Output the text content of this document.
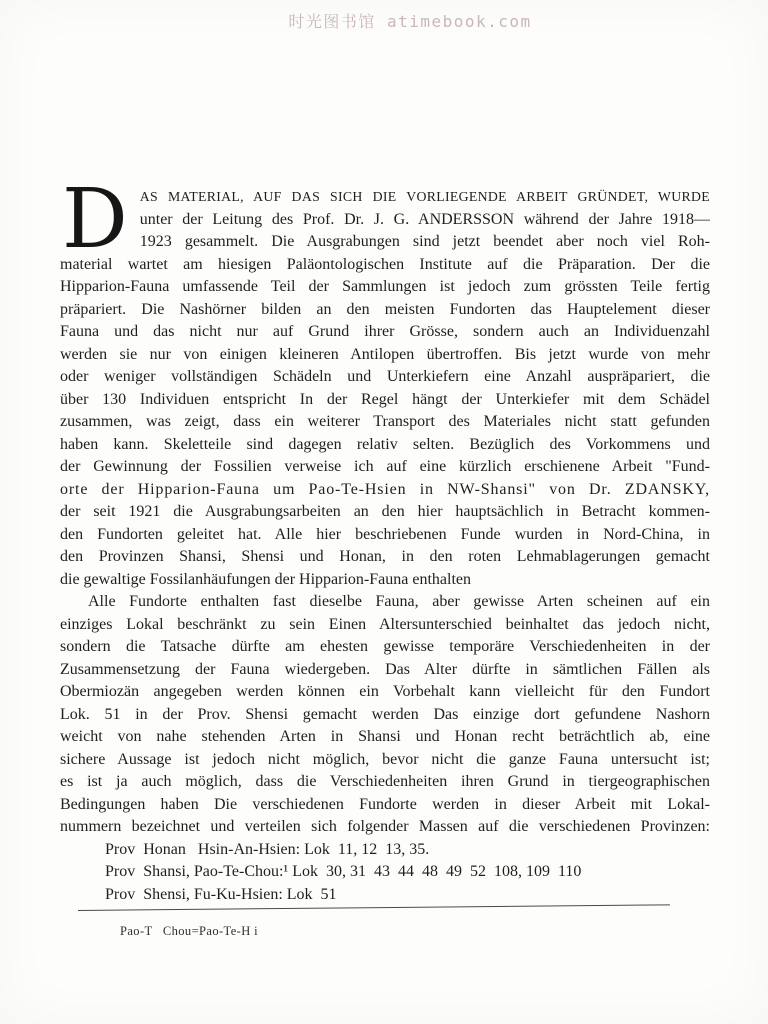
时光图书馆 atimebook.com
D AS MATERIAL, AUF DAS SICH DIE VORLIEGENDE ARBEIT GRÜNDET, WURDE
unter der Leitung des Prof. Dr. J. G. ANDERSSON während der Jahre 1918—
1923 gesammelt. Die Ausgrabungen sind jetzt beendet aber noch viel Roh-
material wartet am hiesigen Paläontologischen Institute auf die Präparation. Der die
Hipparion-Fauna umfassende Teil der Sammlungen ist jedoch zum grössten Teile fertig
präpariert. Die Nashörner bilden an den meisten Fundorten das Hauptelement dieser
Fauna und das nicht nur auf Grund ihrer Grösse, sondern auch an Individuenzahl
werden sie nur von einigen kleineren Antilopen übertroffen. Bis jetzt wurde von mehr
oder weniger vollständigen Schädeln und Unterkiefern eine Anzahl auspräpariert, die
über 130 Individuen entspricht In der Regel hängt der Unterkiefer mit dem Schädel
zusammen, was zeigt, dass ein weiterer Transport des Materiales nicht statt gefunden
haben kann. Skeletteile sind dagegen relativ selten. Bezüglich des Vorkommens und
der Gewinnung der Fossilien verweise ich auf eine kürzlich erschienene Arbeit "Fund-
orte der Hipparion-Fauna um Pao-Te-Hsien in NW-Shansi" von Dr. ZDANSKY,
der seit 1921 die Ausgrabungsarbeiten an den hier hauptsächlich in Betracht kommen-
den Fundorten geleitet hat. Alle hier beschriebenen Funde wurden in Nord-China, in
den Provinzen Shansi, Shensi und Honan, in den roten Lehmablagerungen gemacht
die gewaltige Fossilanhäufungen der Hipparion-Fauna enthalten
Alle Fundorte enthalten fast dieselbe Fauna, aber gewisse Arten scheinen auf ein
einziges Lokal beschränkt zu sein Einen Altersunterschied beinhaltet das jedoch nicht,
sondern die Tatsache dürfte am ehesten gewisse temporäre Verschiedenheiten in der
Zusammensetzung der Fauna wiedergeben. Das Alter dürfte in sämtlichen Fällen als
Obermiozän angegeben werden können ein Vorbehalt kann vielleicht für den Fundort
Lok. 51 in der Prov. Shensi gemacht werden Das einzige dort gefundene Nashorn
weicht von nahe stehenden Arten in Shansi und Honan recht beträchtlich ab, eine
sichere Aussage ist jedoch nicht möglich, bevor nicht die ganze Fauna untersucht ist;
es ist ja auch möglich, dass die Verschiedenheiten ihren Grund in tiergeographischen
Bedingungen haben Die verschiedenen Fundorte werden in dieser Arbeit mit Lokal-
nummern bezeichnet und verteilen sich folgender Massen auf die verschiedenen Provinzen:
Prov  Honan   Hsin-An-Hsien: Lok  11, 12  13, 35.
Prov  Shansi, Pao-Te-Chou:¹ Lok  30, 31  43  44  48  49  52  108, 109  110
Prov  Shensi, Fu-Ku-Hsien: Lok  51
Pao-T   Chou=Pao-Te-H i
